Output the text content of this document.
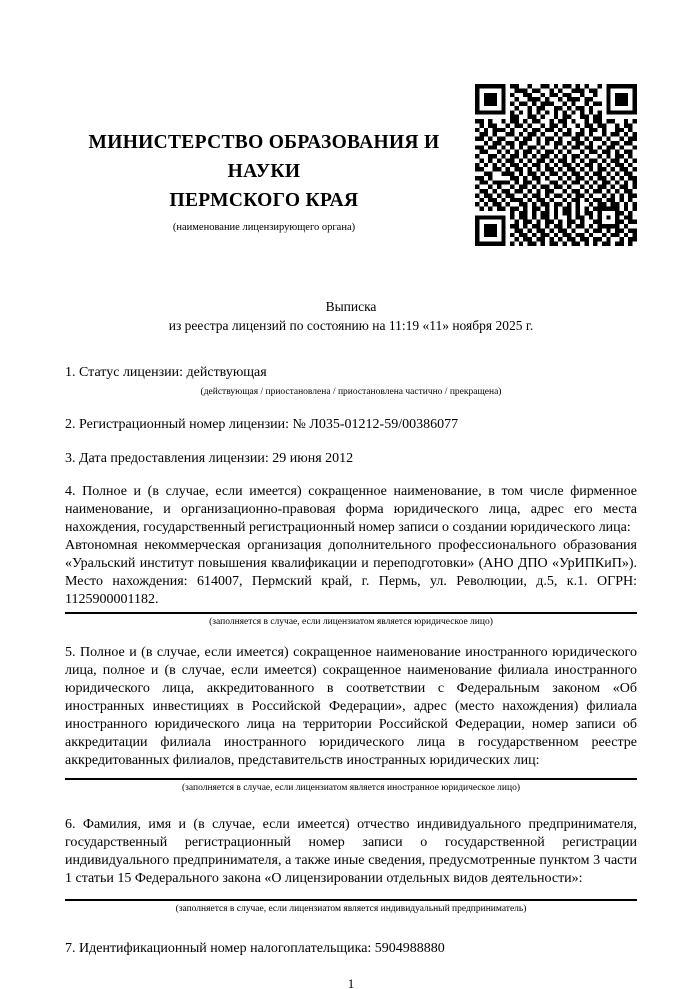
МИНИСТЕРСТВО ОБРАЗОВАНИЯ И НАУКИ
ПЕРМСКОГО КРАЯ
(наименование лицензирующего органа)
Выписка
из реестра лицензий по состоянию на 11:19 «11» ноября 2025 г.

1. Статус лицензии: действующая

(действующая / приостановлена / приостановлена частично / прекращена)

2. Регистрационный номер лицензии: № Л035-01212-59/00386077

3. Дата предоставления лицензии: 29 июня 2012

4. Полное и (в случае, если имеется) сокращенное наименование, в том числе фирменное наименование, и организационно-правовая форма юридического лица, адрес его места нахождения, государственный регистрационный номер записи о создании юридического лица:

Автономная некоммерческая организация дополнительного профессионального образования «Уральский институт повышения квалификации и переподготовки» (АНО ДПО «УрИПКиП»). Место нахождения: 614007, Пермский край, г. Пермь, ул. Революции, д.5, к.1. ОГРН: 1125900001182.

(заполняется в случае, если лицензиатом является юридическое лицо)

5. Полное и (в случае, если имеется) сокращенное наименование иностранного юридического лица, полное и (в случае, если имеется) сокращенное наименование филиала иностранного юридического лица, аккредитованного в соответствии с Федеральным законом «Об иностранных инвестициях в Российской Федерации», адрес (место нахождения) филиала иностранного юридического лица на территории Российской Федерации, номер записи об аккредитации филиала иностранного юридического лица в государственном реестре аккредитованных филиалов, представительств иностранных юридических лиц:

(заполняется в случае, если лицензиатом является иностранное юридическое лицо)

6. Фамилия, имя и (в случае, если имеется) отчество индивидуального предпринимателя, государственный регистрационный номер записи о государственной регистрации индивидуального предпринимателя, а также иные сведения, предусмотренные пунктом 3 части 1 статьи 15 Федерального закона «О лицензировании отдельных видов деятельности»:

(заполняется в случае, если лицензиатом является индивидуальный предприниматель)

7. Идентификационный номер налогоплательщика: 5904988880

1
